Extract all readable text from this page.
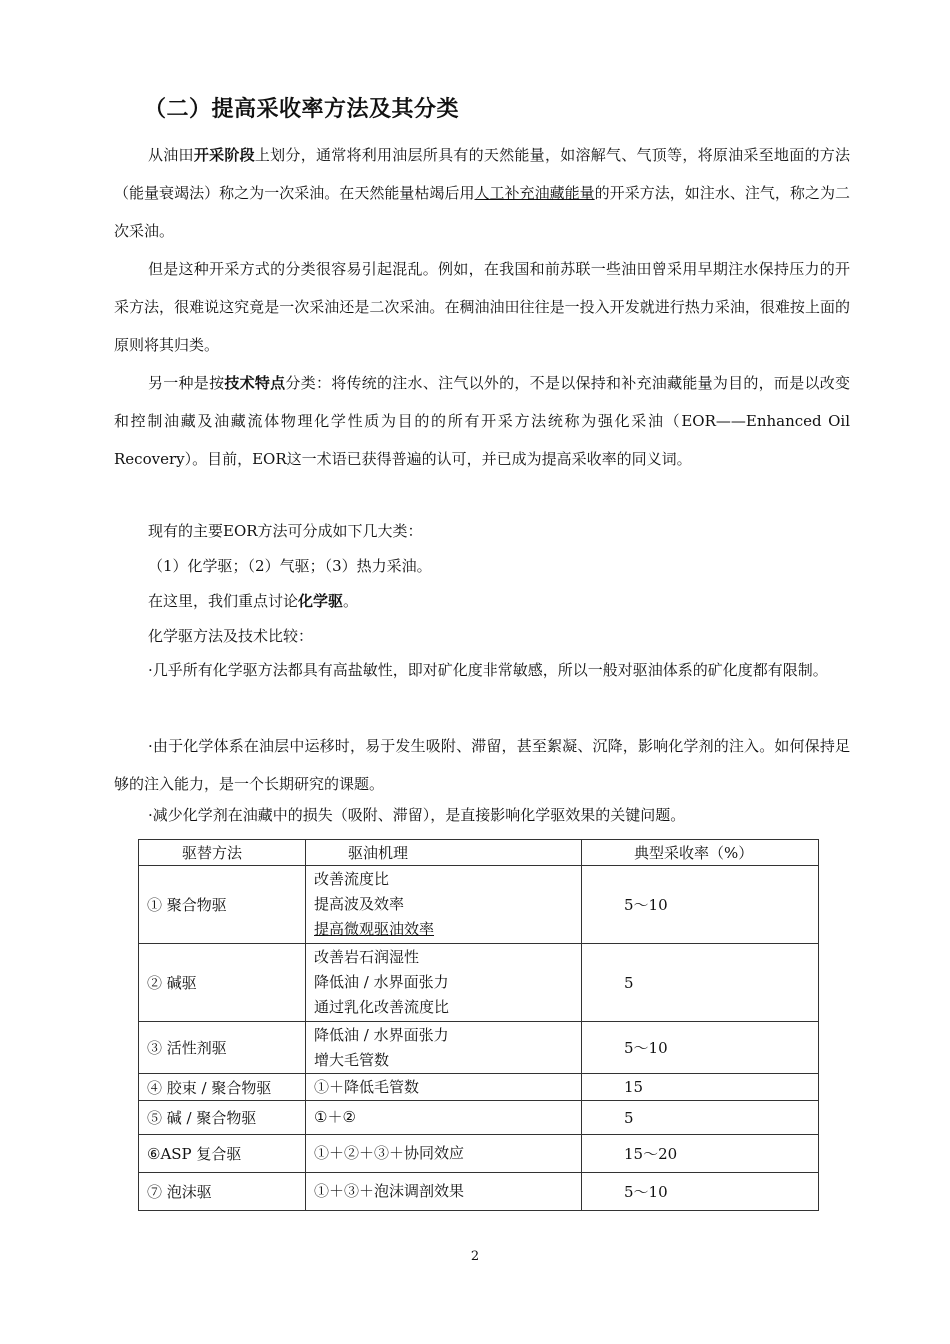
（二）提高采收率方法及其分类
从油田开采阶段上划分，通常将利用油层所具有的天然能量，如溶解气、气顶等，将原油采至地面的方法（能量衰竭法）称之为一次采油。在天然能量枯竭后用人工补充油藏能量的开采方法，如注水、注气，称之为二次采油。
但是这种开采方式的分类很容易引起混乱。例如，在我国和前苏联一些油田曾采用早期注水保持压力的开采方法，很难说这究竟是一次采油还是二次采油。在稠油油田往往是一投入开发就进行热力采油，很难按上面的原则将其归类。
另一种是按技术特点分类：将传统的注水、注气以外的，不是以保持和补充油藏能量为目的，而是以改变和控制油藏及油藏流体物理化学性质为目的的所有开采方法统称为强化采油（EOR——Enhanced Oil Recovery）。目前，EOR这一术语已获得普遍的认可，并已成为提高采收率的同义词。
现有的主要EOR方法可分成如下几大类：
（1）化学驱；（2）气驱；（3）热力采油。
在这里，我们重点讨论化学驱。
化学驱方法及技术比较：
·几乎所有化学驱方法都具有高盐敏性，即对矿化度非常敏感，所以一般对驱油体系的矿化度都有限制。
·由于化学体系在油层中运移时，易于发生吸附、滞留，甚至絮凝、沉降，影响化学剂的注入。如何保持足够的注入能力，是一个长期研究的课题。
·减少化学剂在油藏中的损失（吸附、滞留），是直接影响化学驱效果的关键问题。
驱替方法	驱油机理	典型采收率（%）
① 聚合物驱	改善流度比
提高波及效率
提高微观驱油效率	5～10
② 碱驱	改善岩石润湿性
降低油 / 水界面张力
通过乳化改善流度比	5
③ 活性剂驱	降低油 / 水界面张力
增大毛管数	5～10
④ 胶束 / 聚合物驱	①＋降低毛管数	15
⑤ 碱 / 聚合物驱	①＋②	5
⑥ASP 复合驱	①＋②＋③＋协同效应	15～20
⑦ 泡沫驱	①＋③＋泡沫调剖效果	5～10
2
